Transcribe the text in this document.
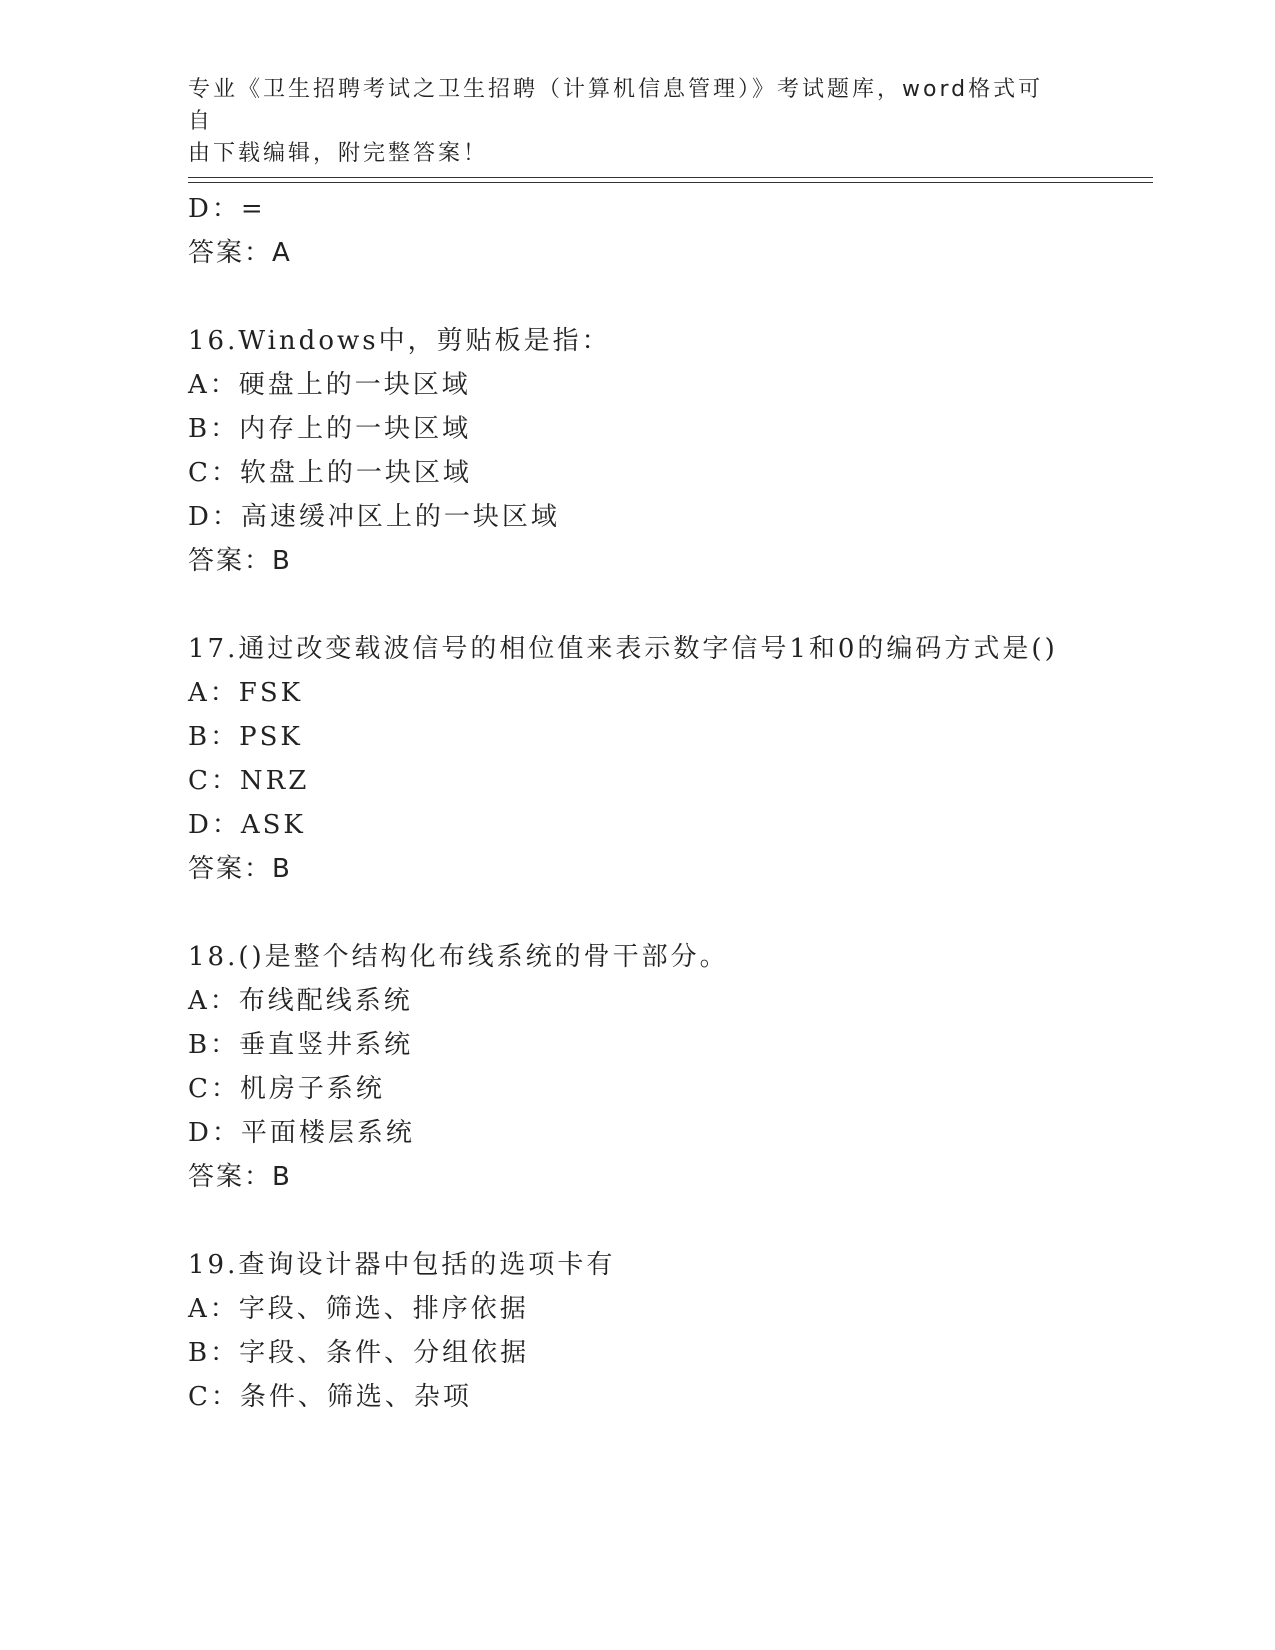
专业《卫生招聘考试之卫生招聘（计算机信息管理）》考试题库，word格式可自
由下载编辑，附完整答案！
D：=
答案：A
16.Windows中，剪贴板是指：
A：硬盘上的一块区域
B：内存上的一块区域
C：软盘上的一块区域
D：高速缓冲区上的一块区域
答案：B
17.通过改变载波信号的相位值来表示数字信号1和0的编码方式是()
A：FSK
B：PSK
C：NRZ
D：ASK
答案：B
18.()是整个结构化布线系统的骨干部分。
A：布线配线系统
B：垂直竖井系统
C：机房子系统
D：平面楼层系统
答案：B
19.查询设计器中包括的选项卡有
A：字段、筛选、排序依据
B：字段、条件、分组依据
C：条件、筛选、杂项
